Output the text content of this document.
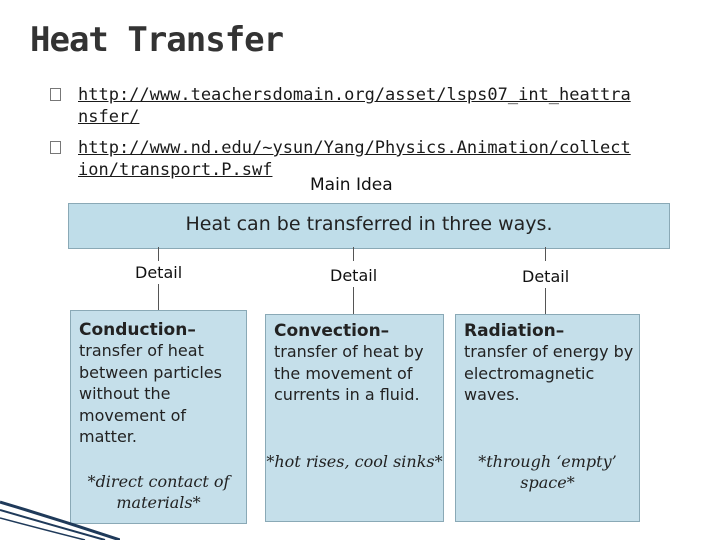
Heat Transfer
http://www.teachersdomain.org/asset/lsps07_int_heattra nsfer/
http://www.nd.edu/~ysun/Yang/Physics.Animation/collect ion/transport.P.swf
Main Idea
Heat can be transferred in three ways.
Detail	Detail	Detail
Conduction–
transfer of heat between particles without the movement of matter.
*direct contact of materials*
Convection–
transfer of heat by the movement of currents in a fluid.
*hot rises, cool sinks*
Radiation–
transfer of energy by electromagnetic waves.
*through ‘empty’ space*
